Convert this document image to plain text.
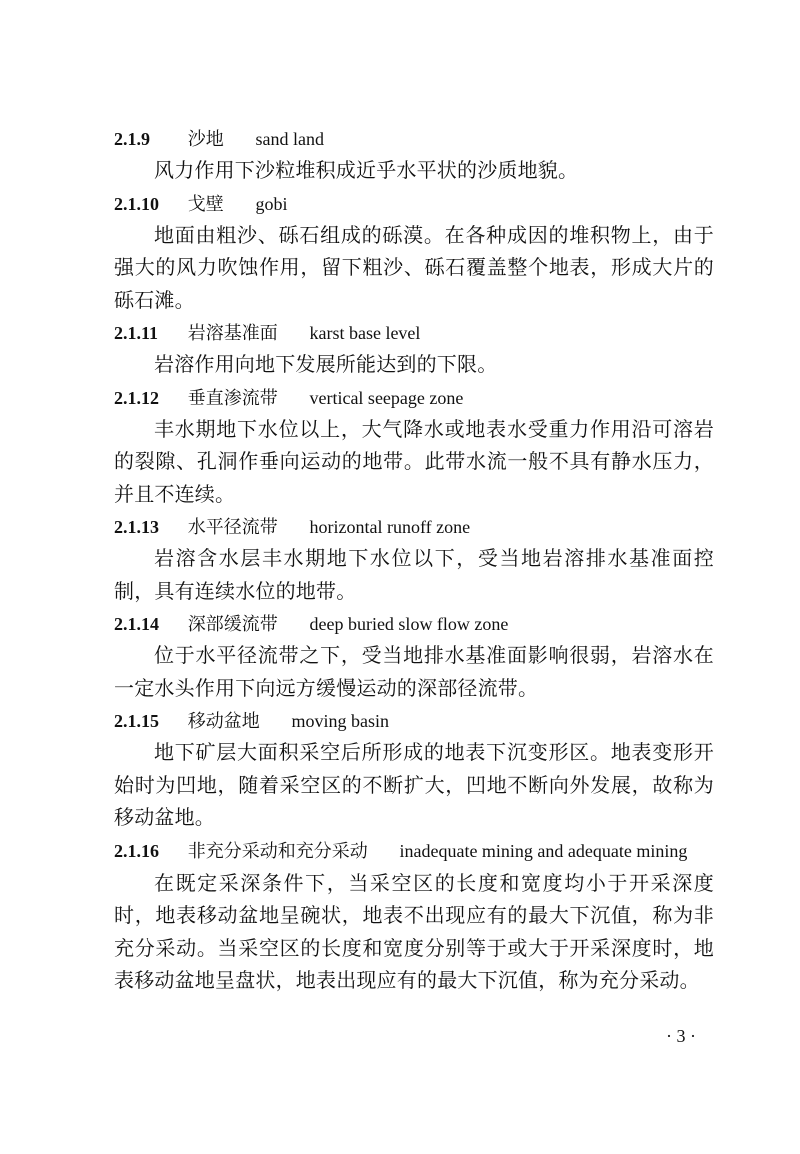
2.1.9 沙地 sand land

风力作用下沙粒堆积成近乎水平状的沙质地貌。

2.1.10 戈壁 gobi

地面由粗沙、砾石组成的砾漠。在各种成因的堆积物上，由于强大的风力吹蚀作用，留下粗沙、砾石覆盖整个地表，形成大片的砾石滩。

2.1.11 岩溶基准面 karst base level

岩溶作用向地下发展所能达到的下限。

2.1.12 垂直渗流带 vertical seepage zone

丰水期地下水位以上，大气降水或地表水受重力作用沿可溶岩的裂隙、孔洞作垂向运动的地带。此带水流一般不具有静水压力，并且不连续。

2.1.13 水平径流带 horizontal runoff zone

岩溶含水层丰水期地下水位以下，受当地岩溶排水基准面控制，具有连续水位的地带。

2.1.14 深部缓流带 deep buried slow flow zone

位于水平径流带之下，受当地排水基准面影响很弱，岩溶水在一定水头作用下向远方缓慢运动的深部径流带。

2.1.15 移动盆地 moving basin

地下矿层大面积采空后所形成的地表下沉变形区。地表变形开始时为凹地，随着采空区的不断扩大，凹地不断向外发展，故称为移动盆地。

2.1.16 非充分采动和充分采动 inadequate mining and adequate mining

在既定采深条件下，当采空区的长度和宽度均小于开采深度时，地表移动盆地呈碗状，地表不出现应有的最大下沉值，称为非充分采动。当采空区的长度和宽度分别等于或大于开采深度时，地表移动盆地呈盘状，地表出现应有的最大下沉值，称为充分采动。

· 3 ·
